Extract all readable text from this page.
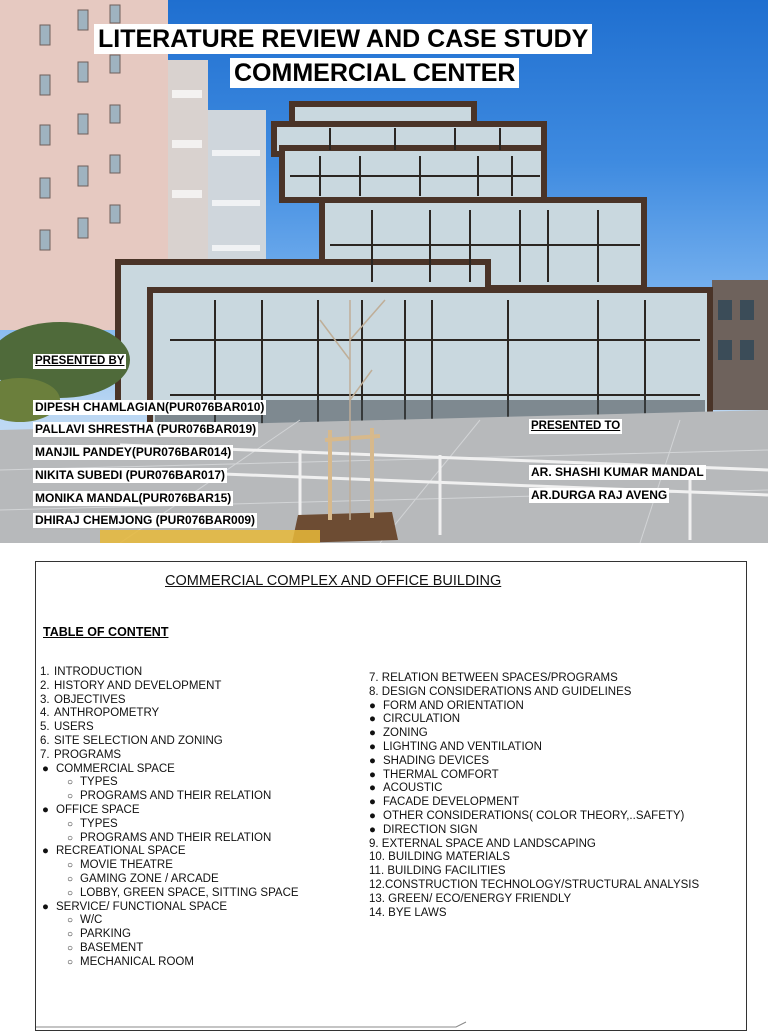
LITERATURE REVIEW AND CASE STUDY
COMMERCIAL CENTER
PRESENTED BY
DIPESH CHAMLAGIAN(PUR076BAR010)
PALLAVI SHRESTHA (PUR076BAR019)
MANJIL PANDEY(PUR076BAR014)
NIKITA SUBEDI (PUR076BAR017)
MONIKA MANDAL(PUR076BAR15)
DHIRAJ CHEMJONG (PUR076BAR009)
PRESENTED TO
AR. SHASHI KUMAR MANDAL
AR.DURGA RAJ AVENG
COMMERCIAL COMPLEX AND OFFICE BUILDING
TABLE OF CONTENT
1. INTRODUCTION
2. HISTORY AND DEVELOPMENT
3. OBJECTIVES
4. ANTHROPOMETRY
5. USERS
6. SITE SELECTION AND ZONING
7. PROGRAMS
● COMMERCIAL SPACE
○ TYPES
○ PROGRAMS AND THEIR RELATION
● OFFICE SPACE
○ TYPES
○ PROGRAMS AND THEIR RELATION
● RECREATIONAL SPACE
○ MOVIE THEATRE
○ GAMING ZONE / ARCADE
○ LOBBY, GREEN SPACE, SITTING SPACE
● SERVICE/ FUNCTIONAL SPACE
○ W/C
○ PARKING
○ BASEMENT
○ MECHANICAL ROOM
7. RELATION BETWEEN SPACES/PROGRAMS
8. DESIGN CONSIDERATIONS AND GUIDELINES
● FORM AND ORIENTATION
● CIRCULATION
● ZONING
● LIGHTING AND VENTILATION
● SHADING DEVICES
● THERMAL COMFORT
● ACOUSTIC
● FACADE DEVELOPMENT
● OTHER CONSIDERATIONS( COLOR THEORY,..SAFETY)
● DIRECTION SIGN
9. EXTERNAL SPACE AND LANDSCAPING
10. BUILDING MATERIALS
11. BUILDING FACILITIES
12.CONSTRUCTION TECHNOLOGY/STRUCTURAL ANALYSIS
13. GREEN/ ECO/ENERGY FRIENDLY
14. BYE LAWS
